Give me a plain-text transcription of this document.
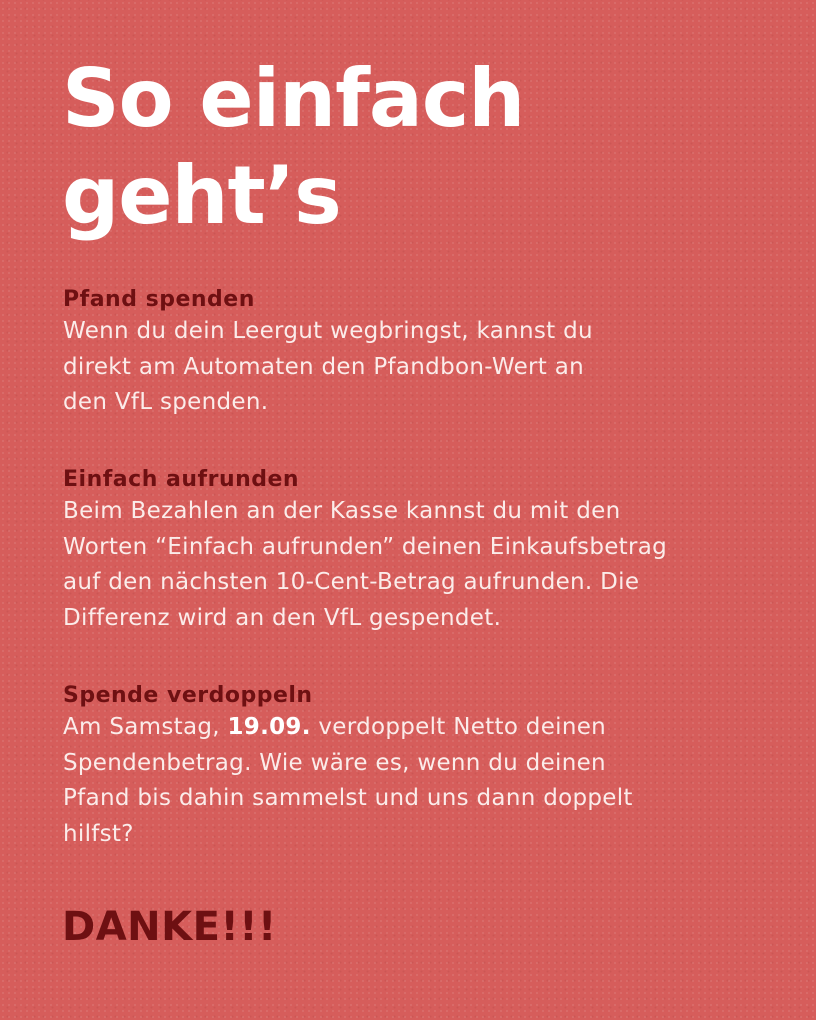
So einfach
geht’s
Pfand spenden

Wenn du dein Leergut wegbringst, kannst du
direkt am Automaten den Pfandbon-Wert an
den VfL spenden.

Einfach aufrunden

Beim Bezahlen an der Kasse kannst du mit den
Worten “Einfach aufrunden” deinen Einkaufsbetrag
auf den nächsten 10-Cent-Betrag aufrunden. Die
Differenz wird an den VfL gespendet.

Spende verdoppeln

Am Samstag, 19.09. verdoppelt Netto deinen
Spendenbetrag. Wie wäre es, wenn du deinen
Pfand bis dahin sammelst und uns dann doppelt
hilfst?

DANKE!!!
